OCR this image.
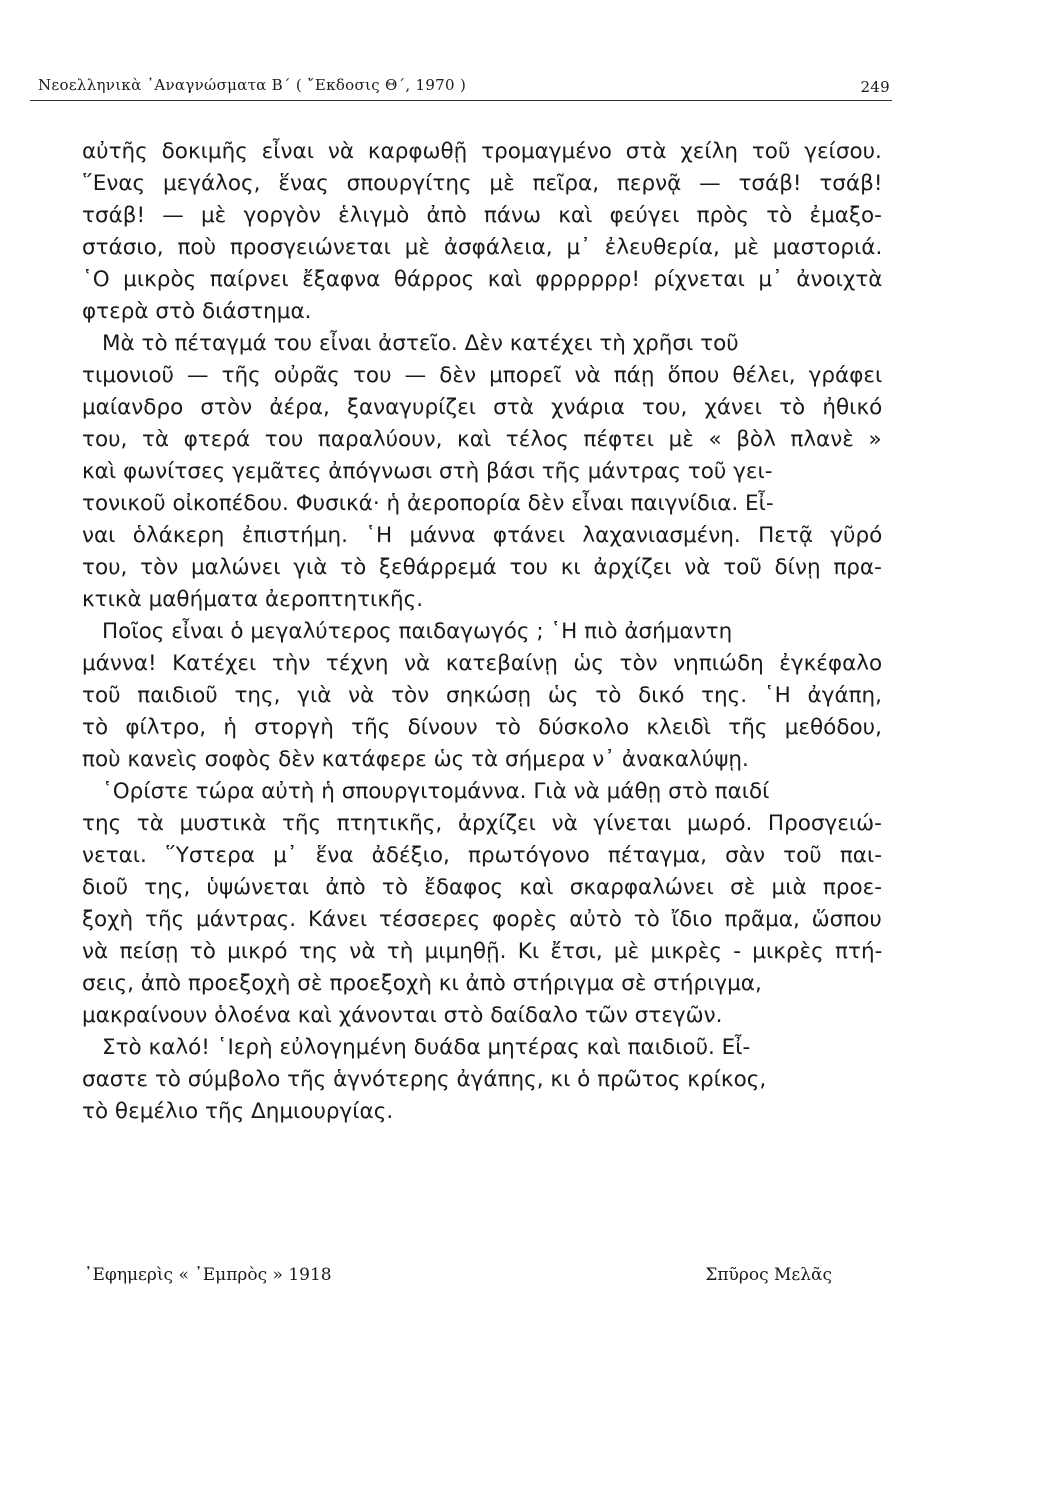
Νεοελληνικὰ ᾿Αναγνώσματα Β΄ ( ῎Εκδοσις Θ΄, 1970 )	249
αὐτῆς δοκιμῆς εἶναι νὰ καρφωθῇ τρομαγμένο στὰ χείλη τοῦ γείσου.
῞Ενας μεγάλος, ἕνας σπουργίτης μὲ πεῖρα, περνᾷ — τσάβ! τσάβ!
τσάβ! — μὲ γοργὸν ἑλιγμὸ ἀπὸ πάνω καὶ φεύγει πρὸς τὸ ἐμαξο-
στάσιο, ποὺ προσγειώνεται μὲ ἀσφάλεια, μ᾿ ἐλευθερία, μὲ μαστοριά.
῾Ο μικρὸς παίρνει ἔξαφνα θάρρος καὶ φρρρρρρ! ρίχνεται μ᾿ ἀνοιχτὰ
φτερὰ στὸ διάστημα.
Μὰ τὸ πέταγμά του εἶναι ἀστεῖο. Δὲν κατέχει τὴ χρῆσι τοῦ
τιμονιοῦ — τῆς οὐρᾶς του — δὲν μπορεῖ νὰ πάῃ ὅπου θέλει, γράφει
μαίανδρο στὸν ἀέρα, ξαναγυρίζει στὰ χνάρια του, χάνει τὸ ἠθικό
του, τὰ φτερά του παραλύουν, καὶ τέλος πέφτει μὲ « βὸλ πλανὲ »
καὶ φωνίτσες γεμᾶτες ἀπόγνωσι στὴ βάσι τῆς μάντρας τοῦ γει-
τονικοῦ οἰκοπέδου. Φυσικά· ἡ ἀεροπορία δὲν εἶναι παιγνίδια. Εἶ-
ναι ὁλάκερη ἐπιστήμη. ῾Η μάννα φτάνει λαχανιασμένη. Πετᾷ γῦρό
του, τὸν μαλώνει γιὰ τὸ ξεθάρρεμά του κι ἀρχίζει νὰ τοῦ δίνῃ πρα-
κτικὰ μαθήματα ἀεροπτητικῆς.
Ποῖος εἶναι ὁ μεγαλύτερος παιδαγωγός ; ῾Η πιὸ ἀσήμαντη
μάννα! Κατέχει τὴν τέχνη νὰ κατεβαίνῃ ὡς τὸν νηπιώδη ἐγκέφαλο
τοῦ παιδιοῦ της, γιὰ νὰ τὸν σηκώσῃ ὡς τὸ δικό της. ῾Η ἀγάπη,
τὸ φίλτρο, ἡ στοργὴ τῆς δίνουν τὸ δύσκολο κλειδὶ τῆς μεθόδου,
ποὺ κανεὶς σοφὸς δὲν κατάφερε ὡς τὰ σήμερα ν᾿ ἀνακαλύψῃ.
῾Ορίστε τώρα αὐτὴ ἡ σπουργιτομάννα. Γιὰ νὰ μάθῃ στὸ παιδί
της τὰ μυστικὰ τῆς πτητικῆς, ἀρχίζει νὰ γίνεται μωρό. Προσγειώ-
νεται. ῞Υστερα μ᾿ ἕνα ἀδέξιο, πρωτόγονο πέταγμα, σὰν τοῦ παι-
διοῦ της, ὑψώνεται ἀπὸ τὸ ἔδαφος καὶ σκαρφαλώνει σὲ μιὰ προε-
ξοχὴ τῆς μάντρας. Κάνει τέσσερες φορὲς αὐτὸ τὸ ἴδιο πρᾶμα, ὥσπου
νὰ πείσῃ τὸ μικρό της νὰ τὴ μιμηθῇ. Κι ἔτσι, μὲ μικρὲς - μικρὲς πτή-
σεις, ἀπὸ προεξοχὴ σὲ προεξοχὴ κι ἀπὸ στήριγμα σὲ στήριγμα,
μακραίνουν ὁλοένα καὶ χάνονται στὸ δαίδαλο τῶν στεγῶν.
Στὸ καλό! ῾Ιερὴ εὐλογημένη δυάδα μητέρας καὶ παιδιοῦ. Εἶ-
σαστε τὸ σύμβολο τῆς ἁγνότερης ἀγάπης, κι ὁ πρῶτος κρίκος,
τὸ θεμέλιο τῆς Δημιουργίας.
᾿Εφημερὶς « ᾿Εμπρὸς » 1918	Σπῦρος Μελᾶς
